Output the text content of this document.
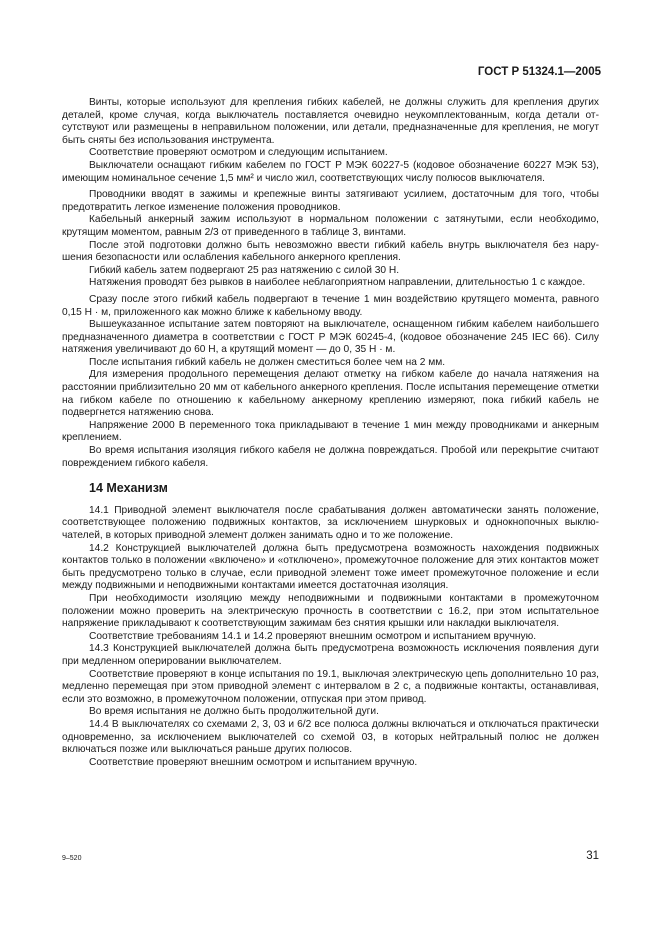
ГОСТ Р 51324.1—2005

Винты, которые используют для крепления гибких кабелей, не должны служить для крепления других деталей, кроме случая, когда выключатель поставляется очевидно неукомплектованным, когда детали отсутствуют или размещены в неправильном положении, или детали, предназначенные для крепления, не могут быть сняты без использования инструмента.

Соответствие проверяют осмотром и следующим испытанием.

Выключатели оснащают гибким кабелем по ГОСТ Р МЭК 60227-5 (кодовое обозначение 60227 МЭК 53), имеющим номинальное сечение 1,5 мм² и число жил, соответствующих числу полюсов выключателя.

Проводники вводят в зажимы и крепежные винты затягивают усилием, достаточным для того, чтобы предотвратить легкое изменение положения проводников.

Кабельный анкерный зажим используют в нормальном положении с затянутыми, если необходимо, крутящим моментом, равным 2/3 от приведенного в таблице 3, винтами.

После этой подготовки должно быть невозможно ввести гибкий кабель внутрь выключателя без нарушения безопасности или ослабления кабельного анкерного крепления.

Гибкий кабель затем подвергают 25 раз натяжению с силой 30 Н.

Натяжения проводят без рывков в наиболее неблагоприятном направлении, длительностью 1 с каждое.

Сразу после этого гибкий кабель подвергают в течение 1 мин воздействию крутящего момента, равного 0,15 Н · м, приложенного как можно ближе к кабельному вводу.

Вышеуказанное испытание затем повторяют на выключателе, оснащенном гибким кабелем наибольшего предназначенного диаметра в соответствии с ГОСТ Р МЭК 60245-4, (кодовое обозначение 245 IEC 66). Силу натяжения увеличивают до 60 Н, а крутящий момент — до 0, 35 Н · м.

После испытания гибкий кабель не должен сместиться более чем на 2 мм.

Для измерения продольного перемещения делают отметку на гибком кабеле до начала натяжения на расстоянии приблизительно 20 мм от кабельного анкерного крепления. После испытания перемещение отметки на гибком кабеле по отношению к кабельному анкерному креплению измеряют, пока гибкий кабель не подвергнется натяжению снова.

Напряжение 2000 В переменного тока прикладывают в течение 1 мин между проводниками и анкерным креплением.

Во время испытания изоляция гибкого кабеля не должна повреждаться. Пробой или перекрытие считают повреждением гибкого кабеля.

14 Механизм

14.1 Приводной элемент выключателя после срабатывания должен автоматически занять положение, соответствующее положению подвижных контактов, за исключением шнурковых и однокнопочных выключателей, в которых приводной элемент должен занимать одно и то же положение.

14.2 Конструкцией выключателей должна быть предусмотрена возможность нахождения подвижных контактов только в положении «включено» и «отключено», промежуточное положение для этих контактов может быть предусмотрено только в случае, если приводной элемент тоже имеет промежуточное положение и если между подвижными и неподвижными контактами имеется достаточная изоляция.

При необходимости изоляцию между неподвижными и подвижными контактами в промежуточном положении можно проверить на электрическую прочность в соответствии с 16.2, при этом испытательное напряжение прикладывают к соответствующим зажимам без снятия крышки или накладки выключателя.

Соответствие требованиям 14.1 и 14.2 проверяют внешним осмотром и испытанием вручную.

14.3 Конструкцией выключателей должна быть предусмотрена возможность исключения появления дуги при медленном оперировании выключателем.

Соответствие проверяют в конце испытания по 19.1, выключая электрическую цепь дополнительно 10 раз, медленно перемещая при этом приводной элемент с интервалом в 2 с, а подвижные контакты, останавливая, если это возможно, в промежуточном положении, отпуская при этом привод.

Во время испытания не должно быть продолжительной дуги.

14.4 В выключателях со схемами 2, 3, 03 и 6/2 все полюса должны включаться и отключаться практически одновременно, за исключением выключателей со схемой 03, в которых нейтральный полюс не должен включаться позже или выключаться раньше других полюсов.

Соответствие проверяют внешним осмотром и испытанием вручную.

9–520	31
